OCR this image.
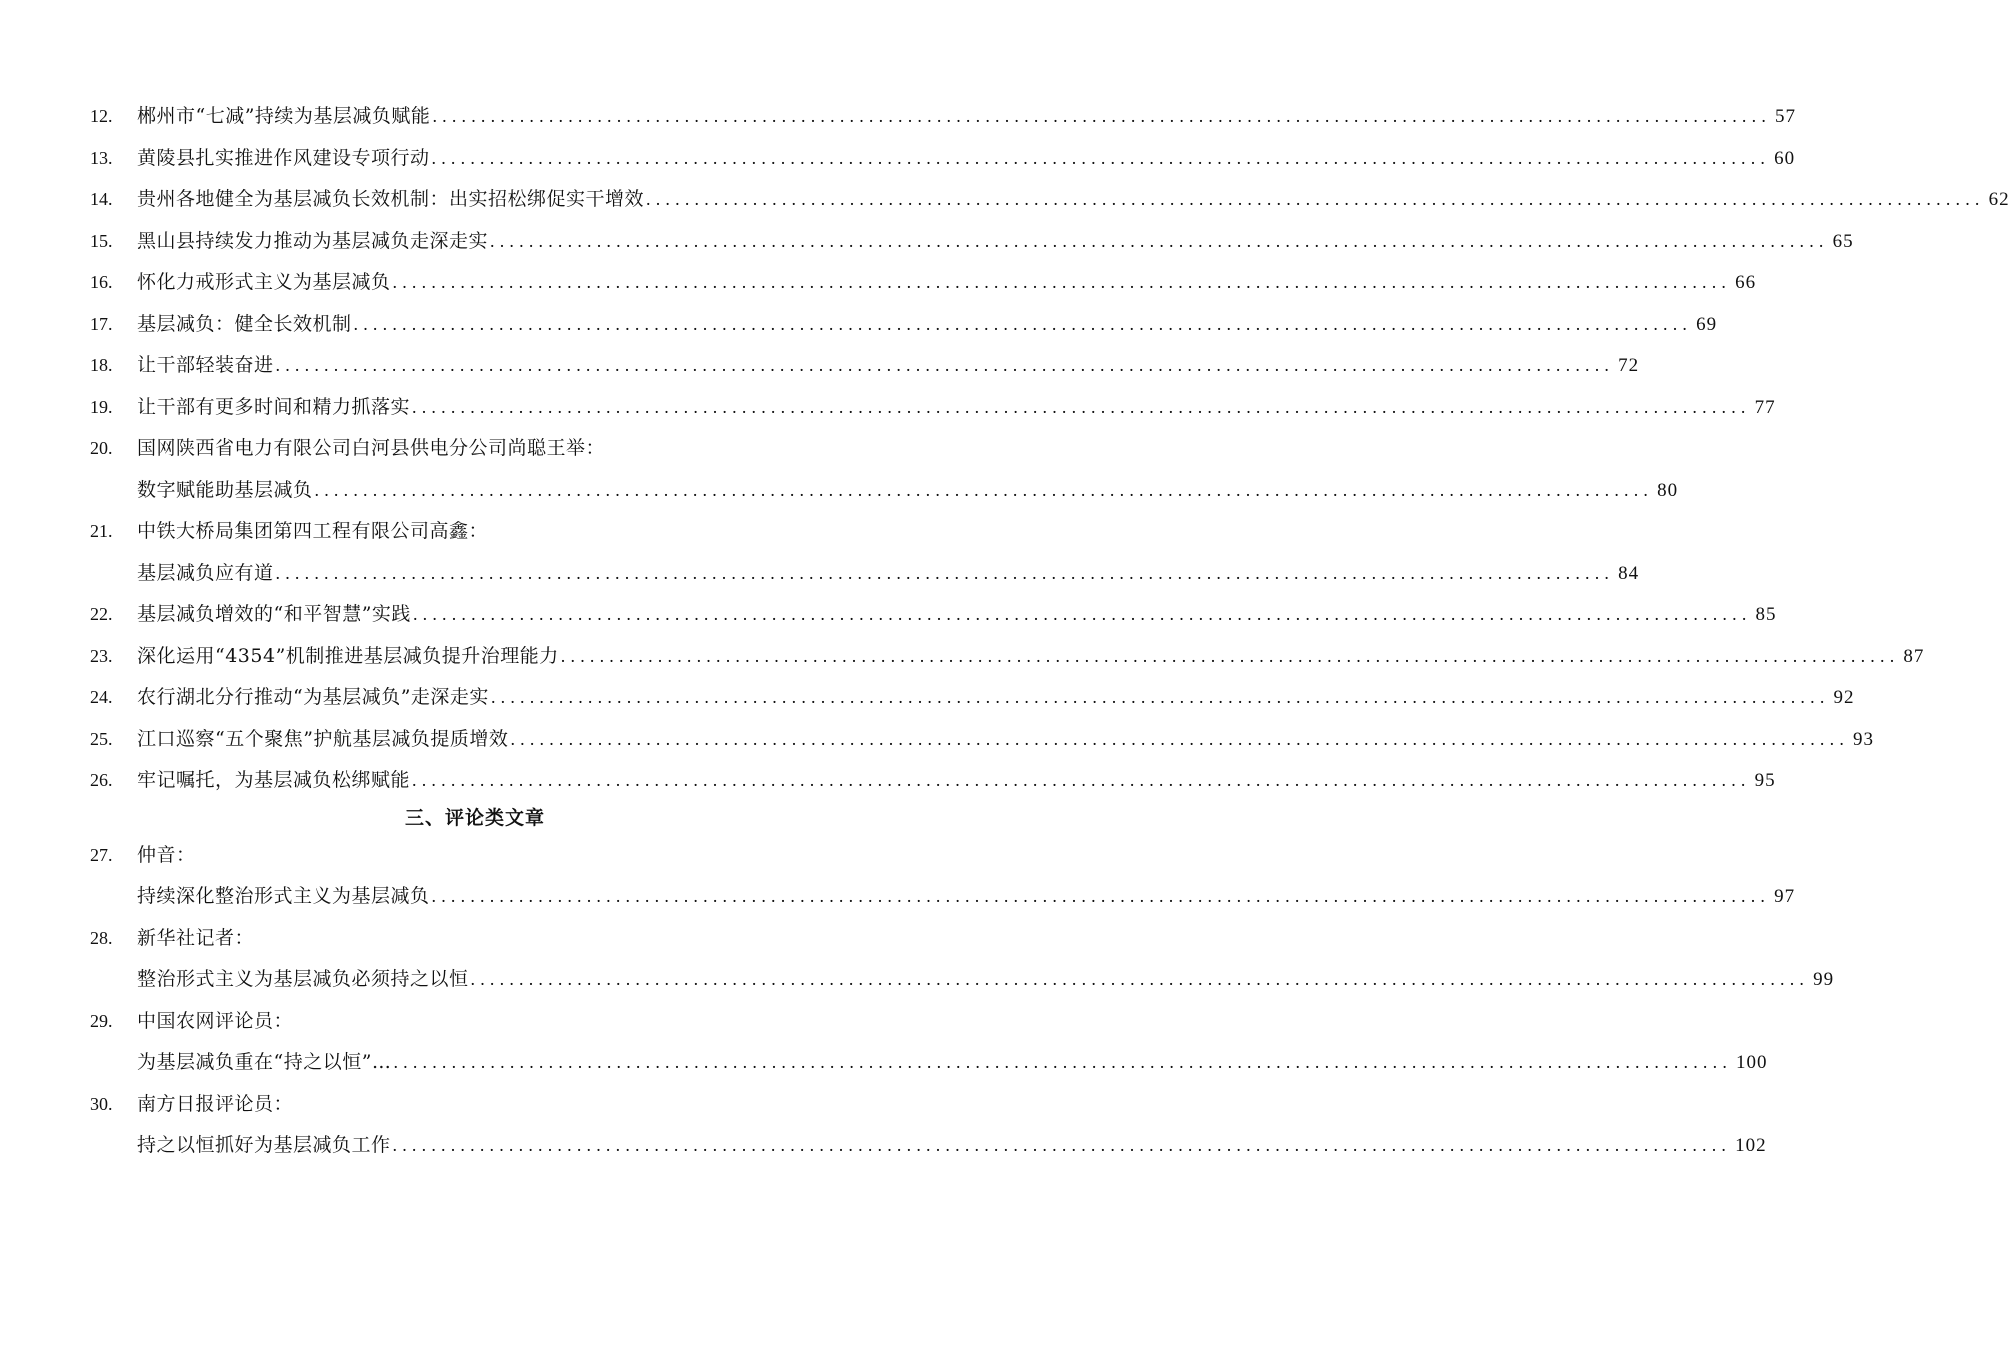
12.	郴州市“七减”持续为基层减负赋能 .......................................................................................................................................... 57
13.	黄陵县扎实推进作风建设专项行动 .......................................................................................................................................... 60
14.	贵州各地健全为基层减负长效机制：出实招松绑促实干增效 .......................................................................................................................................... 62
15.	黑山县持续发力推动为基层减负走深走实 .......................................................................................................................................... 65
16.	怀化力戒形式主义为基层减负 .......................................................................................................................................... 66
17.	基层减负：健全长效机制 .......................................................................................................................................... 69
18.	让干部轻装奋进 .......................................................................................................................................... 72
19.	让干部有更多时间和精力抓落实 .......................................................................................................................................... 77
20.	国网陕西省电力有限公司白河县供电分公司尚聪王举：
数字赋能助基层减负 .......................................................................................................................................... 80
21.	中铁大桥局集团第四工程有限公司高鑫：
基层减负应有道 .......................................................................................................................................... 84
22.	基层减负增效的“和平智慧”实践 .......................................................................................................................................... 85
23.	深化运用“4354”机制推进基层减负提升治理能力 .......................................................................................................................................... 87
24.	农行湖北分行推动“为基层减负”走深走实 .......................................................................................................................................... 92
25.	江口巡察“五个聚焦”护航基层减负提质增效 .......................................................................................................................................... 93
26.	牢记嘱托，为基层减负松绑赋能 .......................................................................................................................................... 95
三、评论类文章
27.	仲音：
持续深化整治形式主义为基层减负 .......................................................................................................................................... 97
28.	新华社记者：
整治形式主义为基层减负必须持之以恒 .......................................................................................................................................... 99
29.	中国农网评论员：
为基层减负重在“持之以恒”… .......................................................................................................................................... 100
30.	南方日报评论员：
持之以恒抓好为基层减负工作 .......................................................................................................................................... 102
